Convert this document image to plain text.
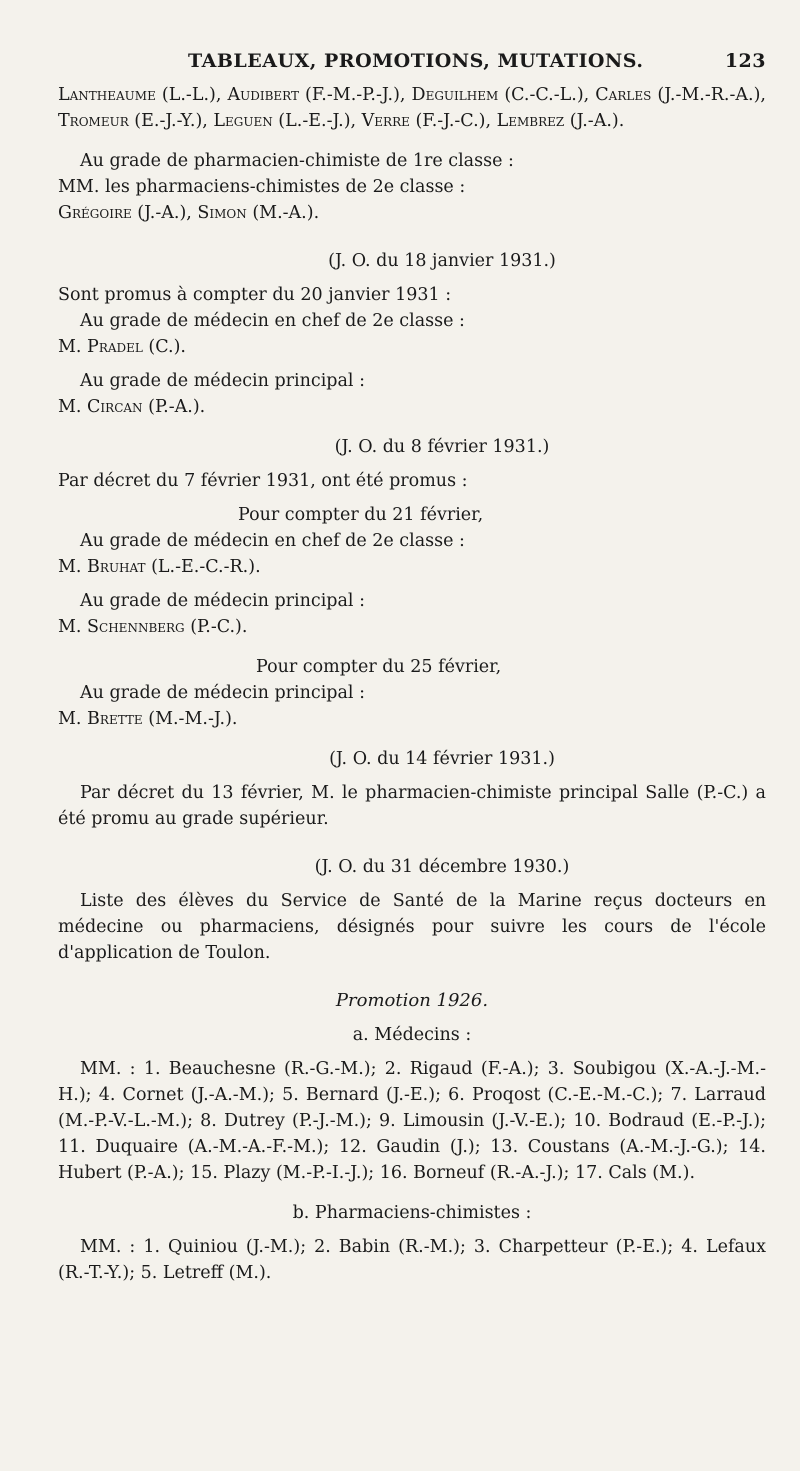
TABLEAUX, PROMOTIONS, MUTATIONS.	123

Lantheaume (L.-L.), Audibert (F.-M.-P.-J.), Deguilhem (C.-C.-L.), Carles (J.-M.-R.-A.), Tromeur (E.-J.-Y.), Leguen (L.-E.-J.), Verre (F.-J.-C.), Lembrez (J.-A.).

Au grade de pharmacien-chimiste de 1re classe :

MM. les pharmaciens-chimistes de 2e classe :

Grégoire (J.-A.), Simon (M.-A.).

(J. O. du 18 janvier 1931.)

Sont promus à compter du 20 janvier 1931 :

Au grade de médecin en chef de 2e classe :

M. Pradel (C.).

Au grade de médecin principal :

M. Circan (P.-A.).

(J. O. du 8 février 1931.)

Par décret du 7 février 1931, ont été promus :

Pour compter du 21 février,

Au grade de médecin en chef de 2e classe :

M. Bruhat (L.-E.-C.-R.).

Au grade de médecin principal :

M. Schennberg (P.-C.).

Pour compter du 25 février,

Au grade de médecin principal :

M. Brette (M.-M.-J.).

(J. O. du 14 février 1931.)

Par décret du 13 février, M. le pharmacien-chimiste principal Salle (P.-C.) a été promu au grade supérieur.

(J. O. du 31 décembre 1930.)

Liste des élèves du Service de Santé de la Marine reçus docteurs en médecine ou pharmaciens, désignés pour suivre les cours de l'école d'application de Toulon.

Promotion 1926.

a. Médecins :

MM. : 1. Beauchesne (R.-G.-M.); 2. Rigaud (F.-A.); 3. Soubigou (X.-A.-J.-M.-H.); 4. Cornet (J.-A.-M.); 5. Bernard (J.-E.); 6. Proqost (C.-E.-M.-C.); 7. Larraud (M.-P.-V.-L.-M.); 8. Dutrey (P.-J.-M.); 9. Limousin (J.-V.-E.); 10. Bodraud (E.-P.-J.); 11. Duquaire (A.-M.-A.-F.-M.); 12. Gaudin (J.); 13. Coustans (A.-M.-J.-G.); 14. Hubert (P.-A.); 15. Plazy (M.-P.-I.-J.); 16. Borneuf (R.-A.-J.); 17. Cals (M.).

b. Pharmaciens-chimistes :

MM. : 1. Quiniou (J.-M.); 2. Babin (R.-M.); 3. Charpetteur (P.-E.); 4. Lefaux (R.-T.-Y.); 5. Letreff (M.).
